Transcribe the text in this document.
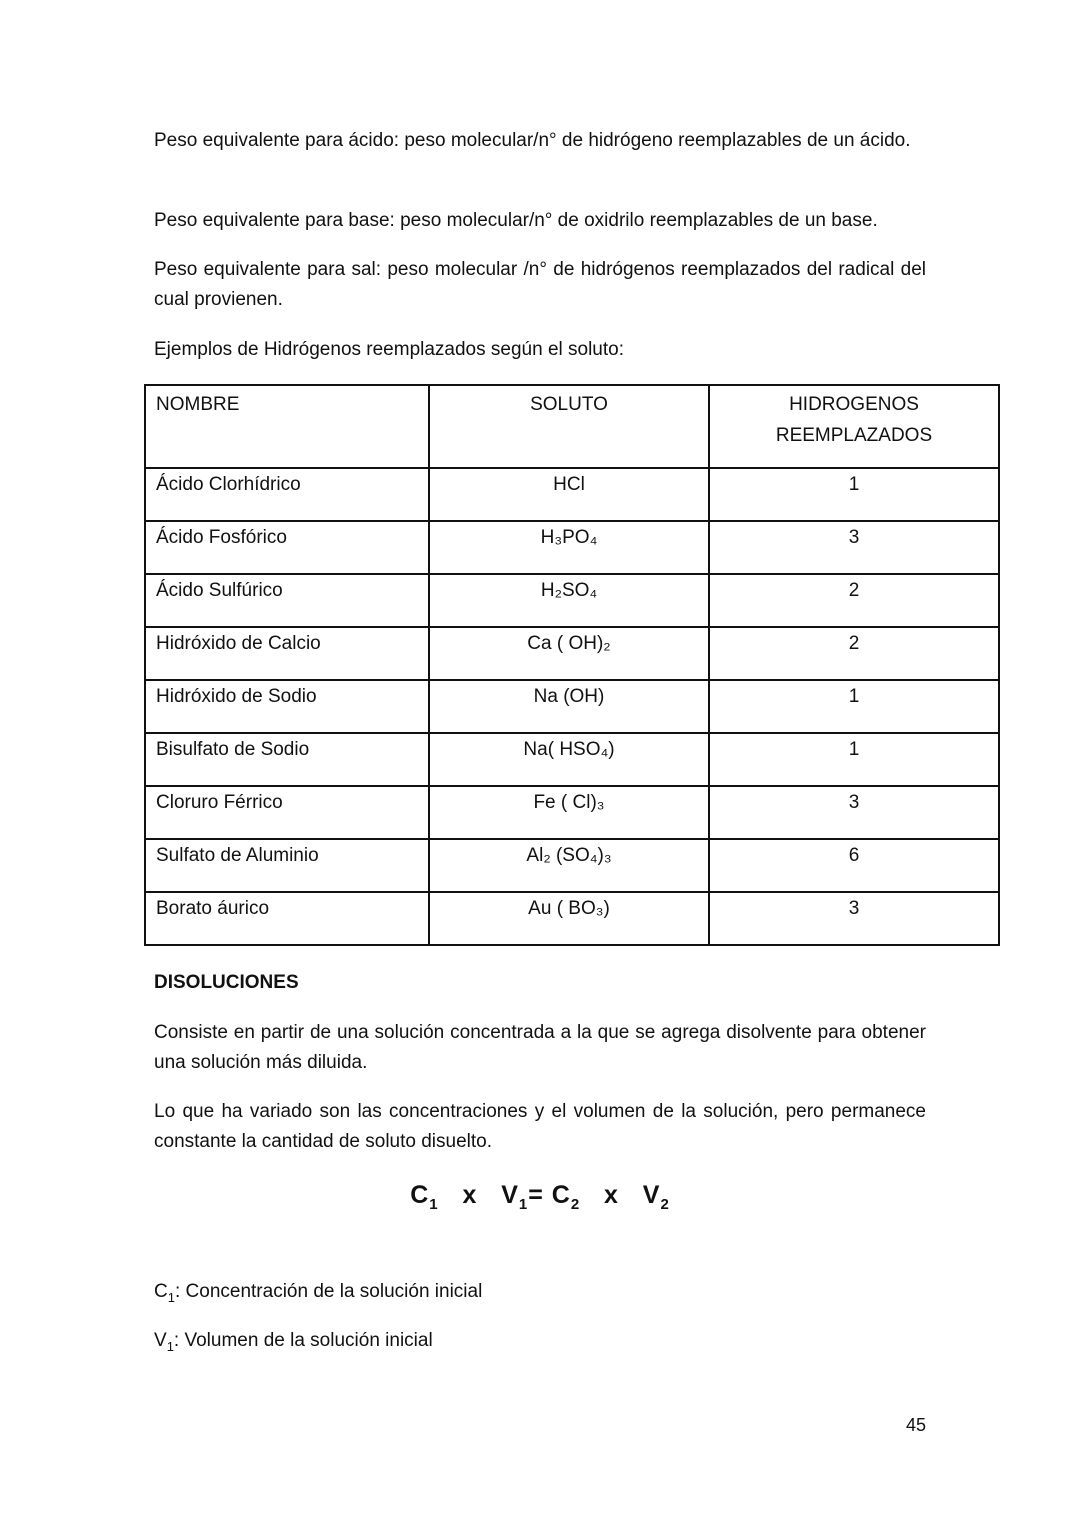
Peso equivalente para ácido: peso molecular/n° de hidrógeno reemplazables de un ácido.

Peso equivalente para base: peso molecular/n° de oxidrilo reemplazables de un base.

Peso equivalente para sal: peso molecular /n° de hidrógenos reemplazados del radical del cual provienen.

Ejemplos de Hidrógenos reemplazados según el soluto:

NOMBRE	SOLUTO	HIDROGENOS
REEMPLAZADOS
Ácido Clorhídrico	HCl	1
Ácido Fosfórico	H₃PO₄	3
Ácido Sulfúrico	H₂SO₄	2
Hidróxido de Calcio	Ca ( OH)₂	2
Hidróxido de Sodio	Na (OH)	1
Bisulfato de Sodio	Na( HSO₄)	1
Cloruro Férrico	Fe ( Cl)₃	3
Sulfato de Aluminio	Al₂ (SO₄)₃	6
Borato áurico	Au ( BO₃)	3

DISOLUCIONES

Consiste en partir de una solución concentrada a la que se agrega disolvente para obtener una solución más diluida.

Lo que ha variado son las concentraciones y el volumen de la solución, pero permanece constante la cantidad de soluto disuelto.

$C_1$ x $V_1= C_2$ x $V_2$

$C_1$: Concentración de la solución inicial

$V_1$: Volumen de la solución inicial

45
